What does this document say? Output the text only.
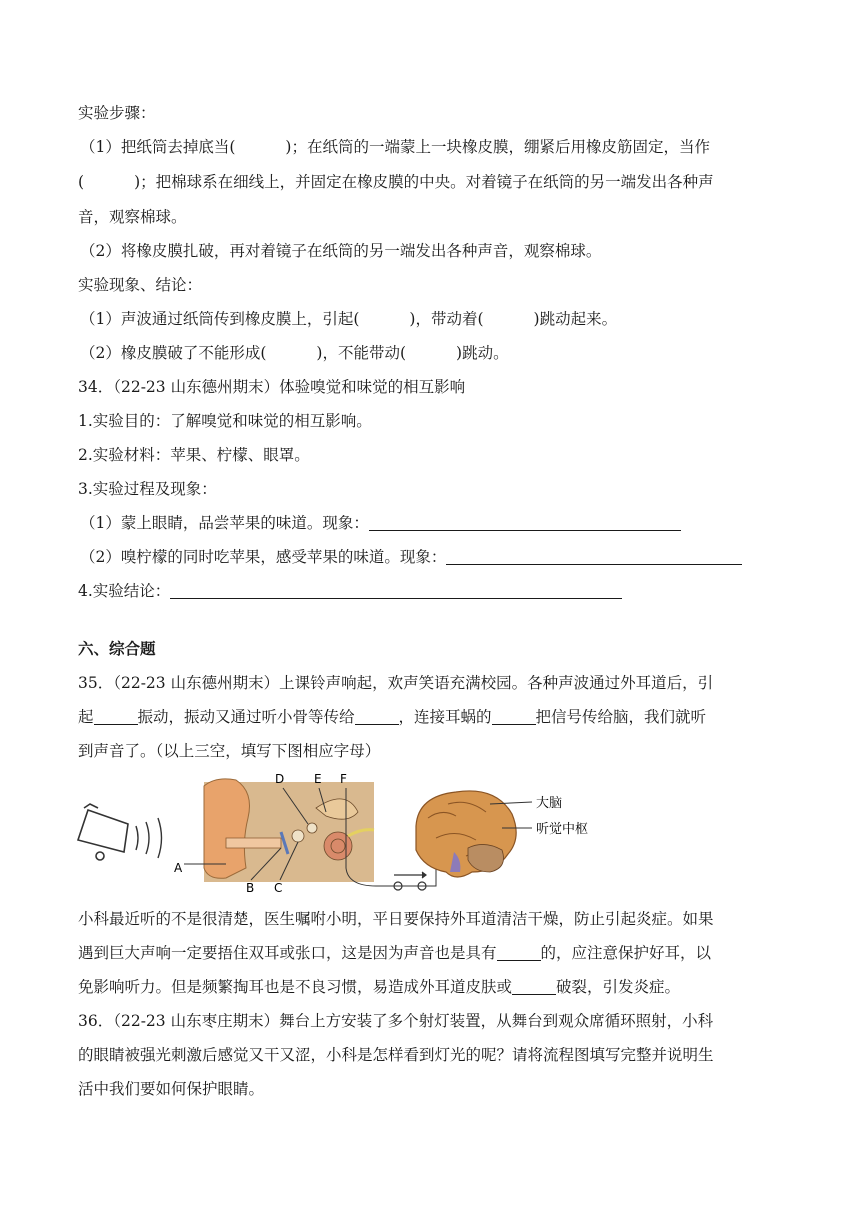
实验步骤：
（1）把纸筒去掉底当(	)；在纸筒的一端蒙上一块橡皮膜，绷紧后用橡皮筋固定，当作
(	)；把棉球系在细线上，并固定在橡皮膜的中央。对着镜子在纸筒的另一端发出各种声
音，观察棉球。
（2）将橡皮膜扎破，再对着镜子在纸筒的另一端发出各种声音，观察棉球。
实验现象、结论：
（1）声波通过纸筒传到橡皮膜上，引起(	)，带动着(	)跳动起来。
（2）橡皮膜破了不能形成(	)，不能带动(	)跳动。
34．（22-23 山东德州期末）体验嗅觉和味觉的相互影响
1.实验目的：了解嗅觉和味觉的相互影响。
2.实验材料：苹果、柠檬、眼罩。
3.实验过程及现象：
（1）蒙上眼睛，品尝苹果的味道。现象：
（2）嗅柠檬的同时吃苹果，感受苹果的味道。现象：
4.实验结论：
六、综合题
35．（22-23 山东德州期末）上课铃声响起，欢声笑语充满校园。各种声波通过外耳道后，引
起	振动，振动又通过听小骨等传给	，连接耳蜗的	把信号传给脑，我们就听
到声音了。（以上三空，填写下图相应字母）
A
B C
D E F
大脑
听觉中枢
小科最近听的不是很清楚，医生嘱咐小明，平日要保持外耳道清洁干燥，防止引起炎症。如果
遇到巨大声响一定要捂住双耳或张口，这是因为声音也是具有	的，应注意保护好耳，以
免影响听力。但是频繁掏耳也是不良习惯，易造成外耳道皮肤或	破裂，引发炎症。
36．（22-23 山东枣庄期末）舞台上方安装了多个射灯装置，从舞台到观众席循环照射，小科
的眼睛被强光刺激后感觉又干又涩，小科是怎样看到灯光的呢？请将流程图填写完整并说明生
活中我们要如何保护眼睛。
